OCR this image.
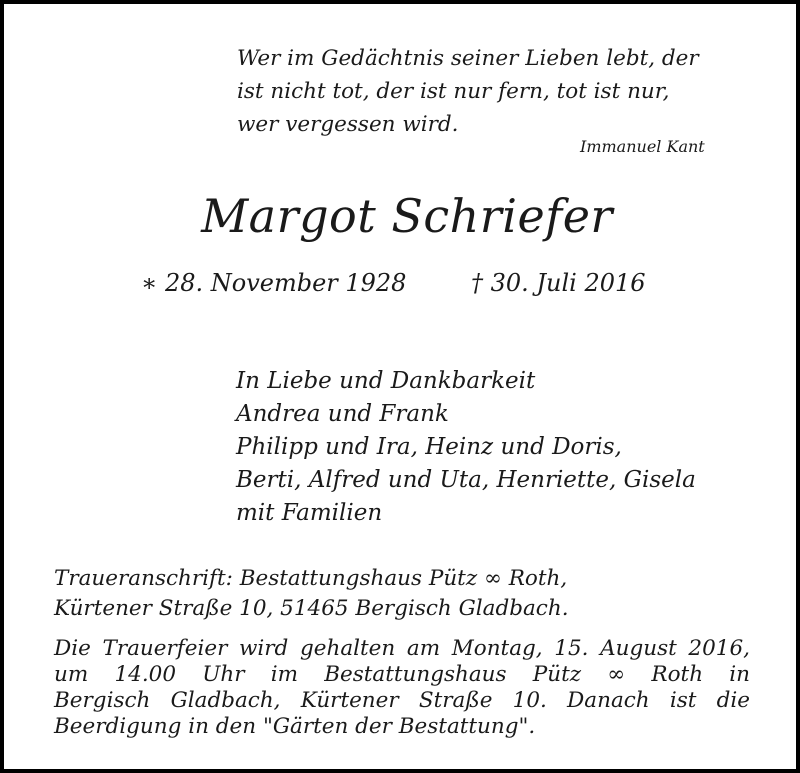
Wer im Gedächtnis seiner Lieben lebt, der
ist nicht tot, der ist nur fern, tot ist nur,
wer vergessen wird.
Immanuel Kant
Margot Schriefer
∗ 28. November 1928	† 30. Juli 2016
In Liebe und Dankbarkeit
Andrea und Frank
Philipp und Ira, Heinz und Doris,
Berti, Alfred und Uta, Henriette, Gisela
mit Familien
Traueranschrift: Bestattungshaus Pütz ∞ Roth,
Kürtener Straße 10, 51465 Bergisch Gladbach.
Die Trauerfeier wird gehalten am Montag, 15. August 2016,
um 14.00 Uhr im Bestattungshaus Pütz ∞ Roth in
Bergisch Gladbach, Kürtener Straße 10. Danach ist die
Beerdigung in den "Gärten der Bestattung".
